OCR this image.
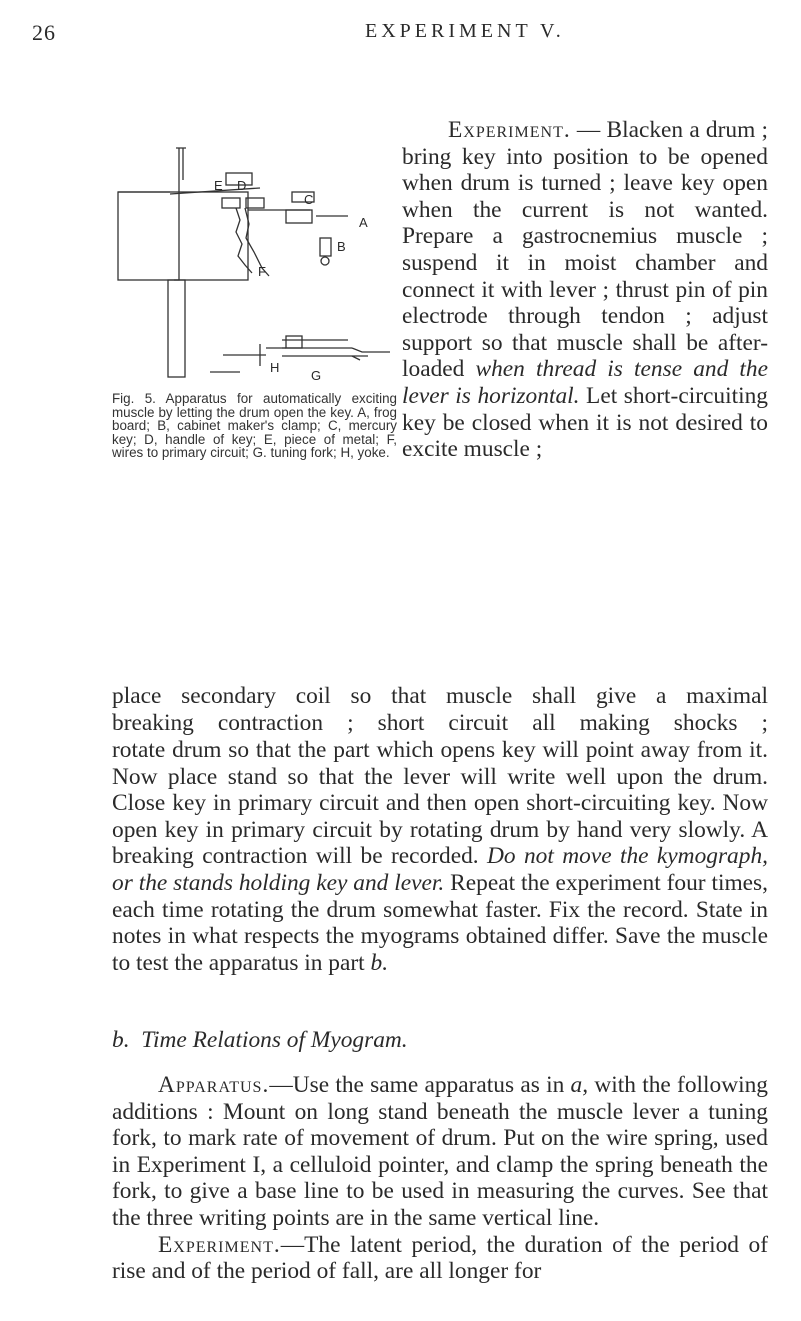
26	EXPERIMENT V.
E D
C
A
B
F
H
G
Fig. 5. Apparatus for automatically exciting muscle by letting the drum open the key. A, frog board; B, cabinet maker's clamp; C, mercury key; D, handle of key; E, piece of metal; F, wires to primary circuit; G. tuning fork; H, yoke.

Experiment. — Blacken a drum ; bring key into position to be opened when drum is turned ; leave key open when the current is not wanted. Prepare a gastrocnemius muscle ; suspend it in moist chamber and connect it with lever ; thrust pin of pin electrode through tendon ; adjust support so that muscle shall be after-loaded when thread is tense and the lever is horizontal. Let short-circuiting key be closed when it is not desired to excite muscle ;

place secondary coil so that muscle shall give a maximal
breaking contraction ; short circuit all making shocks ;
rotate drum so that the part which opens key will point away from it. Now place stand so that the lever will write well upon the drum. Close key in primary circuit and then open short-circuiting key. Now open key in primary circuit by rotating drum by hand very slowly. A breaking contraction will be recorded. Do not move the kymograph, or the stands holding key and lever. Repeat the experiment four times, each time rotating the drum somewhat faster. Fix the record. State in notes in what respects the myograms obtained differ. Save the muscle to test the apparatus in part b.
b. Time Relations of Myogram.

Apparatus.—Use the same apparatus as in a, with the following additions : Mount on long stand beneath the muscle lever a tuning fork, to mark rate of movement of drum. Put on the wire spring, used in Experiment I, a celluloid pointer, and clamp the spring beneath the fork, to give a base line to be used in measuring the curves. See that the three writing points are in the same vertical line.

Experiment.—The latent period, the duration of the period of rise and of the period of fall, are all longer for
